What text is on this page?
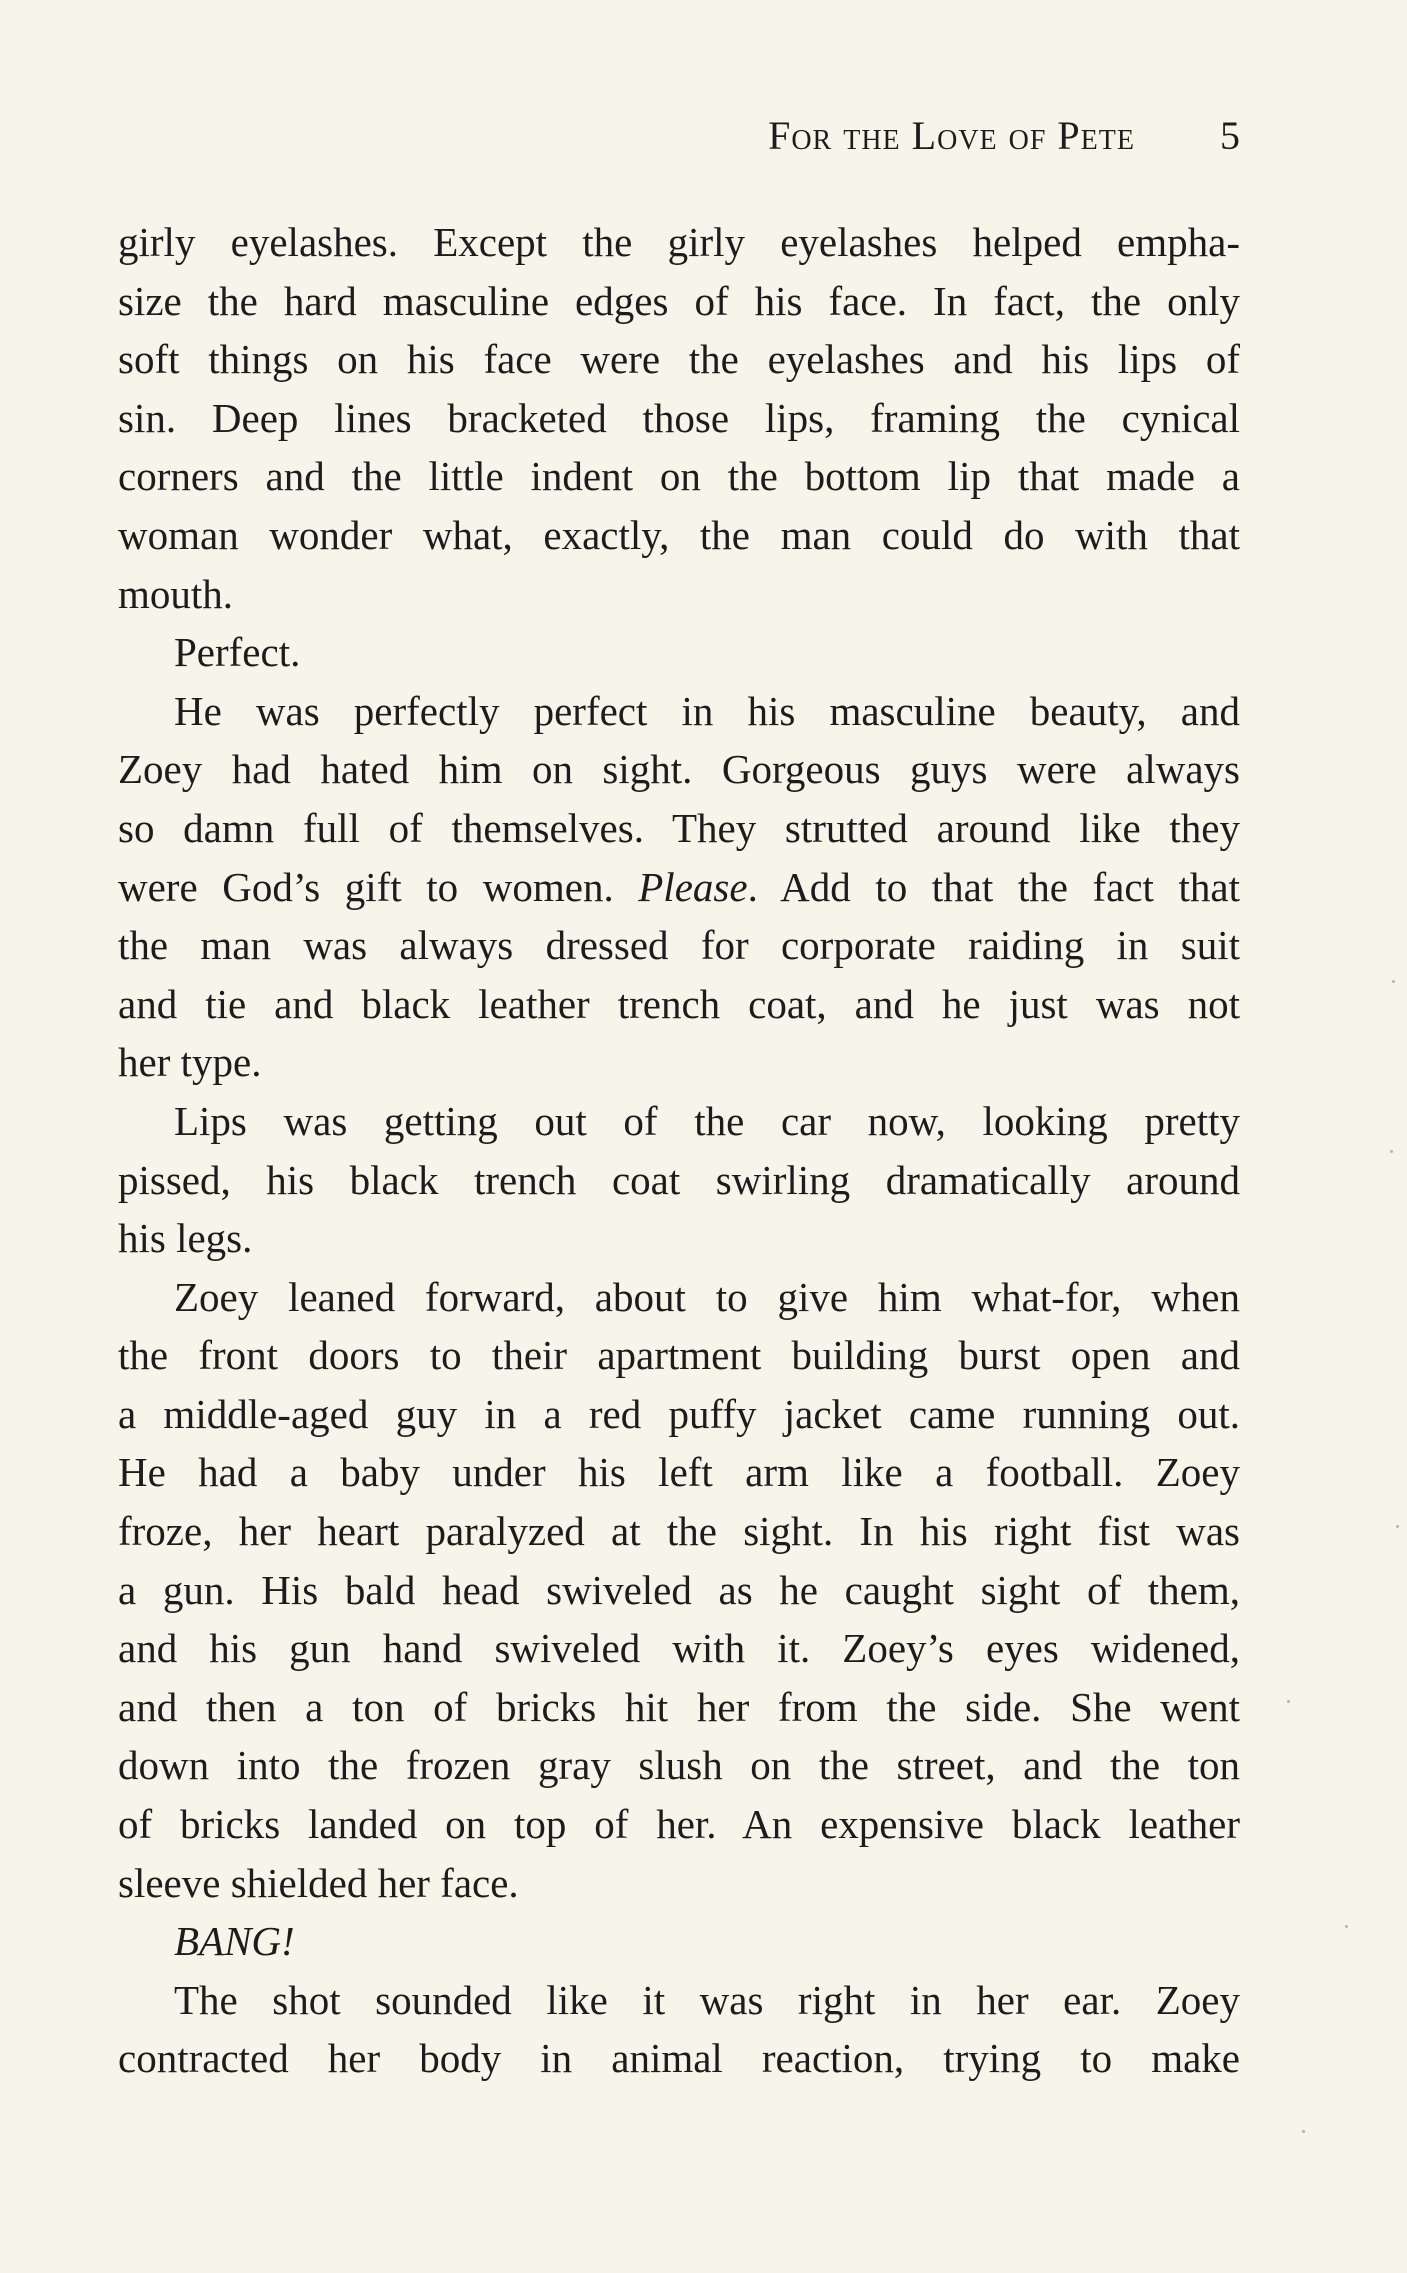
For the Love of Pete 5
girly eyelashes. Except the girly eyelashes helped empha-
size the hard masculine edges of his face. In fact, the only
soft things on his face were the eyelashes and his lips of
sin. Deep lines bracketed those lips, framing the cynical
corners and the little indent on the bottom lip that made a
woman wonder what, exactly, the man could do with that
mouth.
Perfect.
He was perfectly perfect in his masculine beauty, and
Zoey had hated him on sight. Gorgeous guys were always
so damn full of themselves. They strutted around like they
were God’s gift to women. Please. Add to that the fact that
the man was always dressed for corporate raiding in suit
and tie and black leather trench coat, and he just was not
her type.
Lips was getting out of the car now, looking pretty
pissed, his black trench coat swirling dramatically around
his legs.
Zoey leaned forward, about to give him what-for, when
the front doors to their apartment building burst open and
a middle-aged guy in a red puffy jacket came running out.
He had a baby under his left arm like a football. Zoey
froze, her heart paralyzed at the sight. In his right fist was
a gun. His bald head swiveled as he caught sight of them,
and his gun hand swiveled with it. Zoey’s eyes widened,
and then a ton of bricks hit her from the side. She went
down into the frozen gray slush on the street, and the ton
of bricks landed on top of her. An expensive black leather
sleeve shielded her face.
BANG!
The shot sounded like it was right in her ear. Zoey
contracted her body in animal reaction, trying to make
